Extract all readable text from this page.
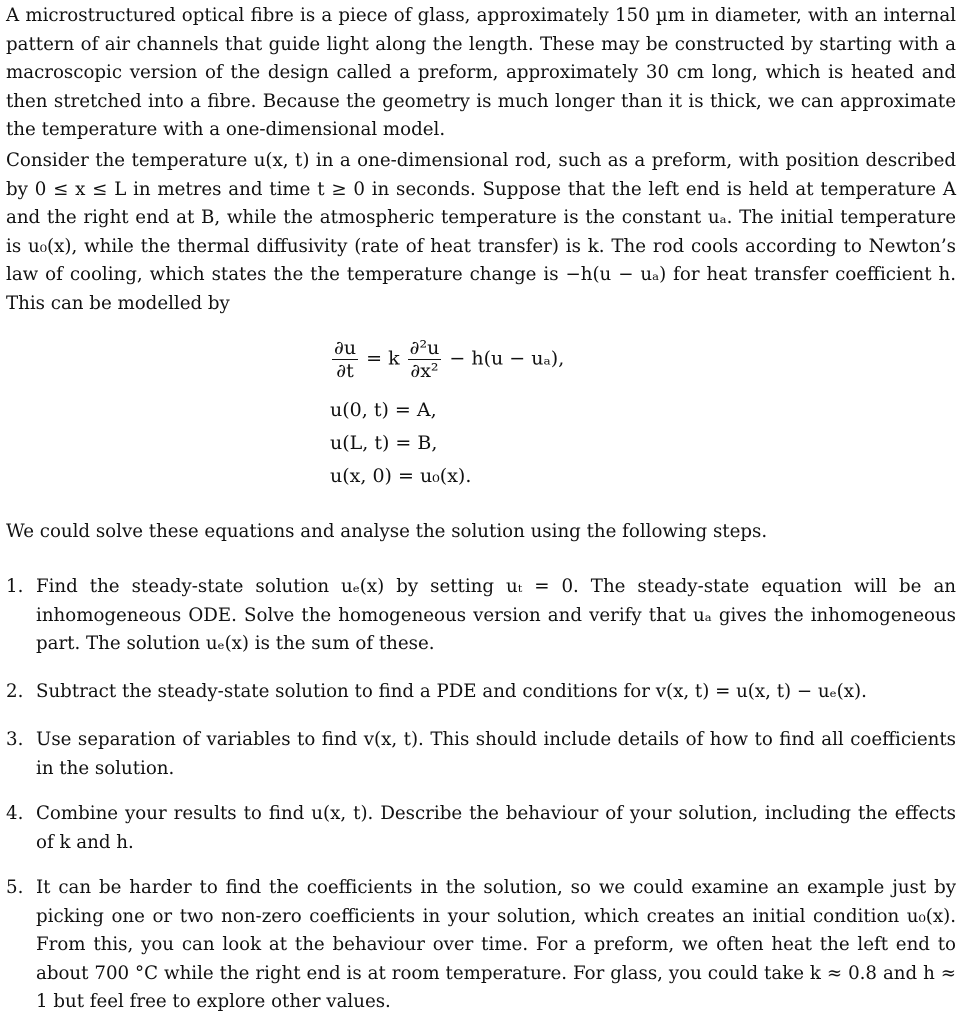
A microstructured optical fibre is a piece of glass, approximately 150 µm in diameter, with an internal pattern of air channels that guide light along the length. These may be constructed by starting with a macroscopic version of the design called a preform, approximately 30 cm long, which is heated and then stretched into a fibre. Because the geometry is much longer than it is thick, we can approximate the temperature with a one-dimensional model.

Consider the temperature u(x, t) in a one-dimensional rod, such as a preform, with position described by 0 ≤ x ≤ L in metres and time t ≥ 0 in seconds. Suppose that the left end is held at temperature A and the right end at B, while the atmospheric temperature is the constant uₐ. The initial temperature is u₀(x), while the thermal diffusivity (rate of heat transfer) is k. The rod cools according to Newton’s law of cooling, which states the the temperature change is −h(u − uₐ) for heat transfer coefficient h. This can be modelled by

$\frac{\partial u}{\partial t} = k \frac{\text{∂²u}}{\text{∂x²}} - h(u - u_a)$,
u(0, t) = A,
u(L, t) = B,
u(x, 0) = u₀(x).

We could solve these equations and analyse the solution using the following steps.

1. Find the steady-state solution uₑ(x) by setting uₜ = 0. The steady-state equation will be an inhomogeneous ODE. Solve the homogeneous version and verify that uₐ gives the inhomogeneous part. The solution uₑ(x) is the sum of these.
2. Subtract the steady-state solution to find a PDE and conditions for v(x, t) = u(x, t) − uₑ(x).
3. Use separation of variables to find v(x, t). This should include details of how to find all coefficients in the solution.
4. Combine your results to find u(x, t). Describe the behaviour of your solution, including the effects of k and h.
5. It can be harder to find the coefficients in the solution, so we could examine an example just by picking one or two non-zero coefficients in your solution, which creates an initial condition u₀(x). From this, you can look at the behaviour over time. For a preform, we often heat the left end to about 700 °C while the right end is at room temperature. For glass, you could take k ≈ 0.8 and h ≈ 1 but feel free to explore other values.
